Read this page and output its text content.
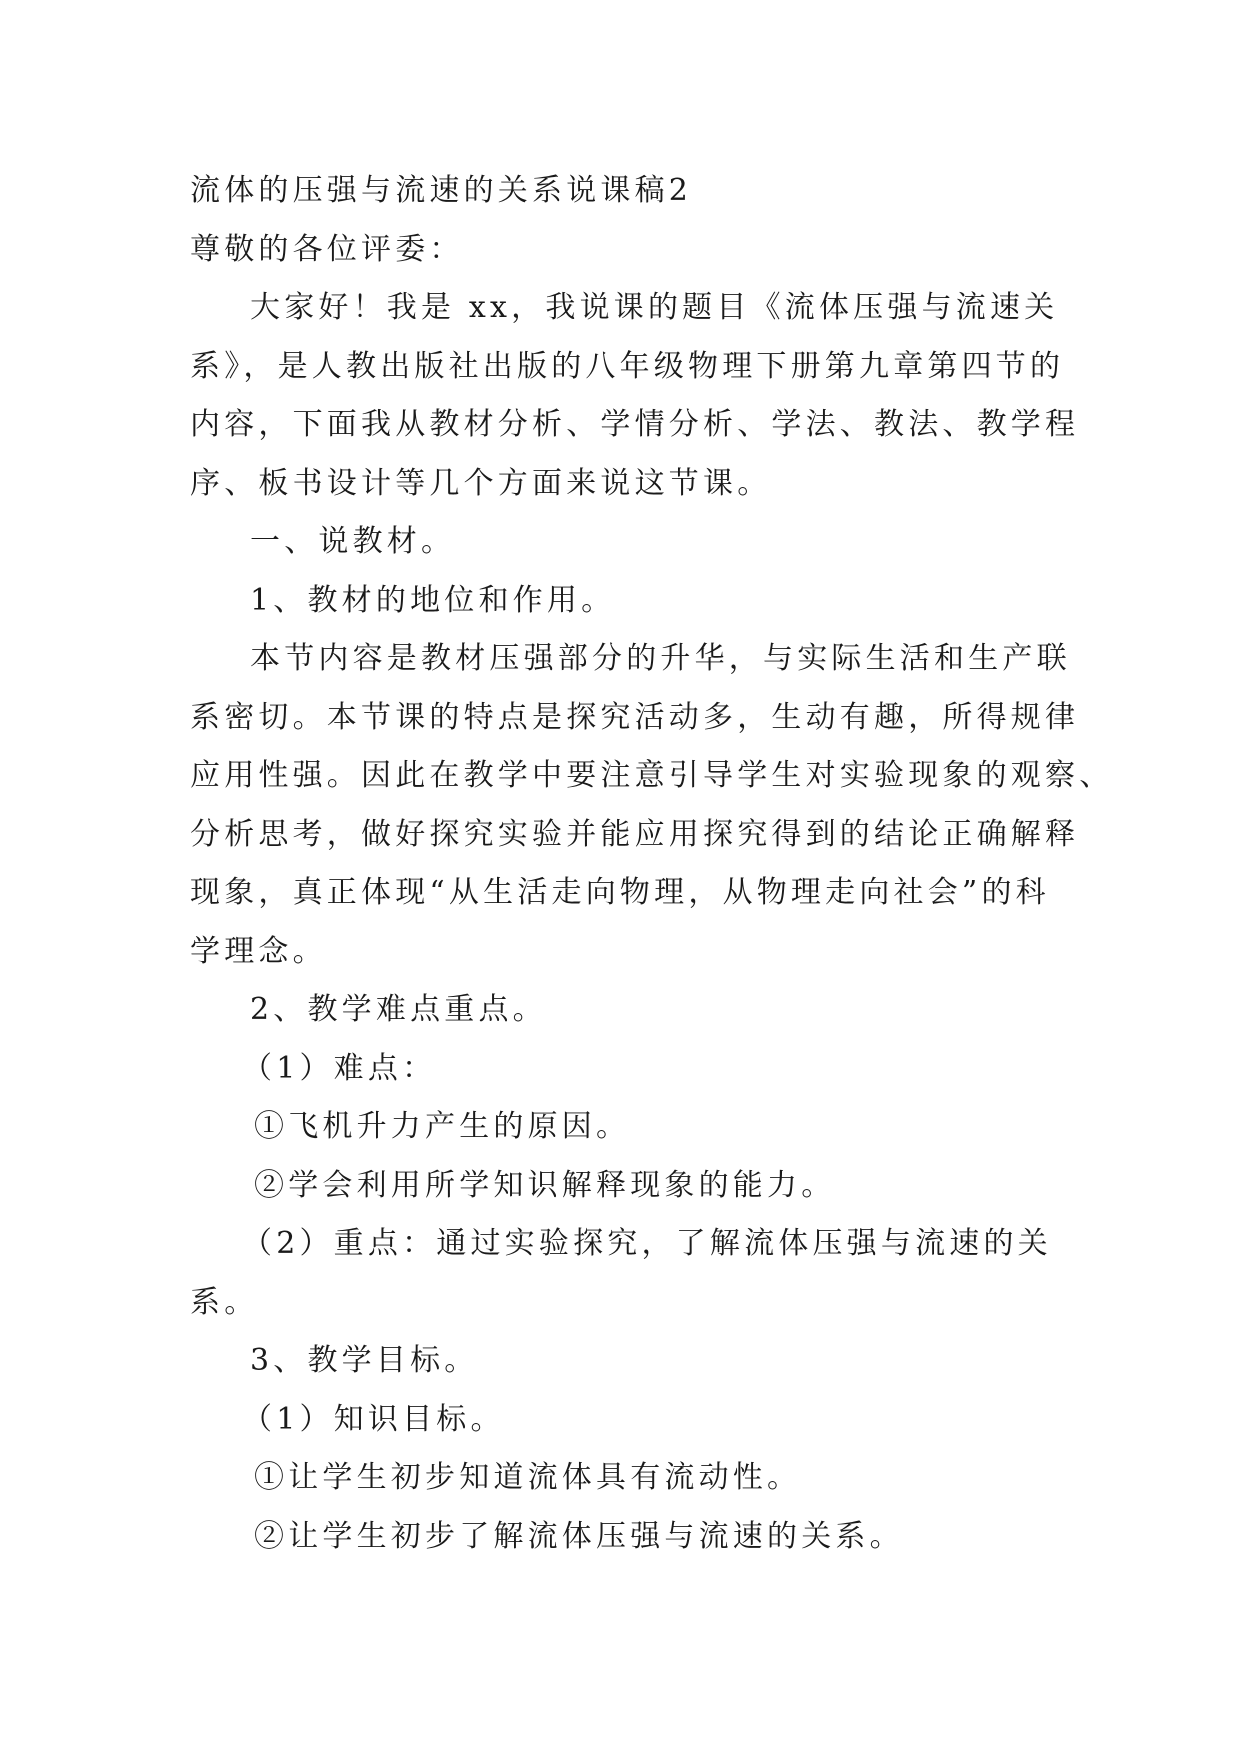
流体的压强与流速的关系说课稿2
尊敬的各位评委：
大家好！我是 xx，我说课的题目《流体压强与流速关
系》，是人教出版社出版的八年级物理下册第九章第四节的
内容，下面我从教材分析、学情分析、学法、教法、教学程
序、板书设计等几个方面来说这节课。
一、说教材。
1、教材的地位和作用。
本节内容是教材压强部分的升华，与实际生活和生产联
系密切。本节课的特点是探究活动多，生动有趣，所得规律
应用性强。因此在教学中要注意引导学生对实验现象的观察、
分析思考，做好探究实验并能应用探究得到的结论正确解释
现象，真正体现“从生活走向物理，从物理走向社会”的科
学理念。
2、教学难点重点。
（1）难点：
①飞机升力产生的原因。
②学会利用所学知识解释现象的能力。
（2）重点：通过实验探究，了解流体压强与流速的关
系。
3、教学目标。
（1）知识目标。
①让学生初步知道流体具有流动性。
②让学生初步了解流体压强与流速的关系。
